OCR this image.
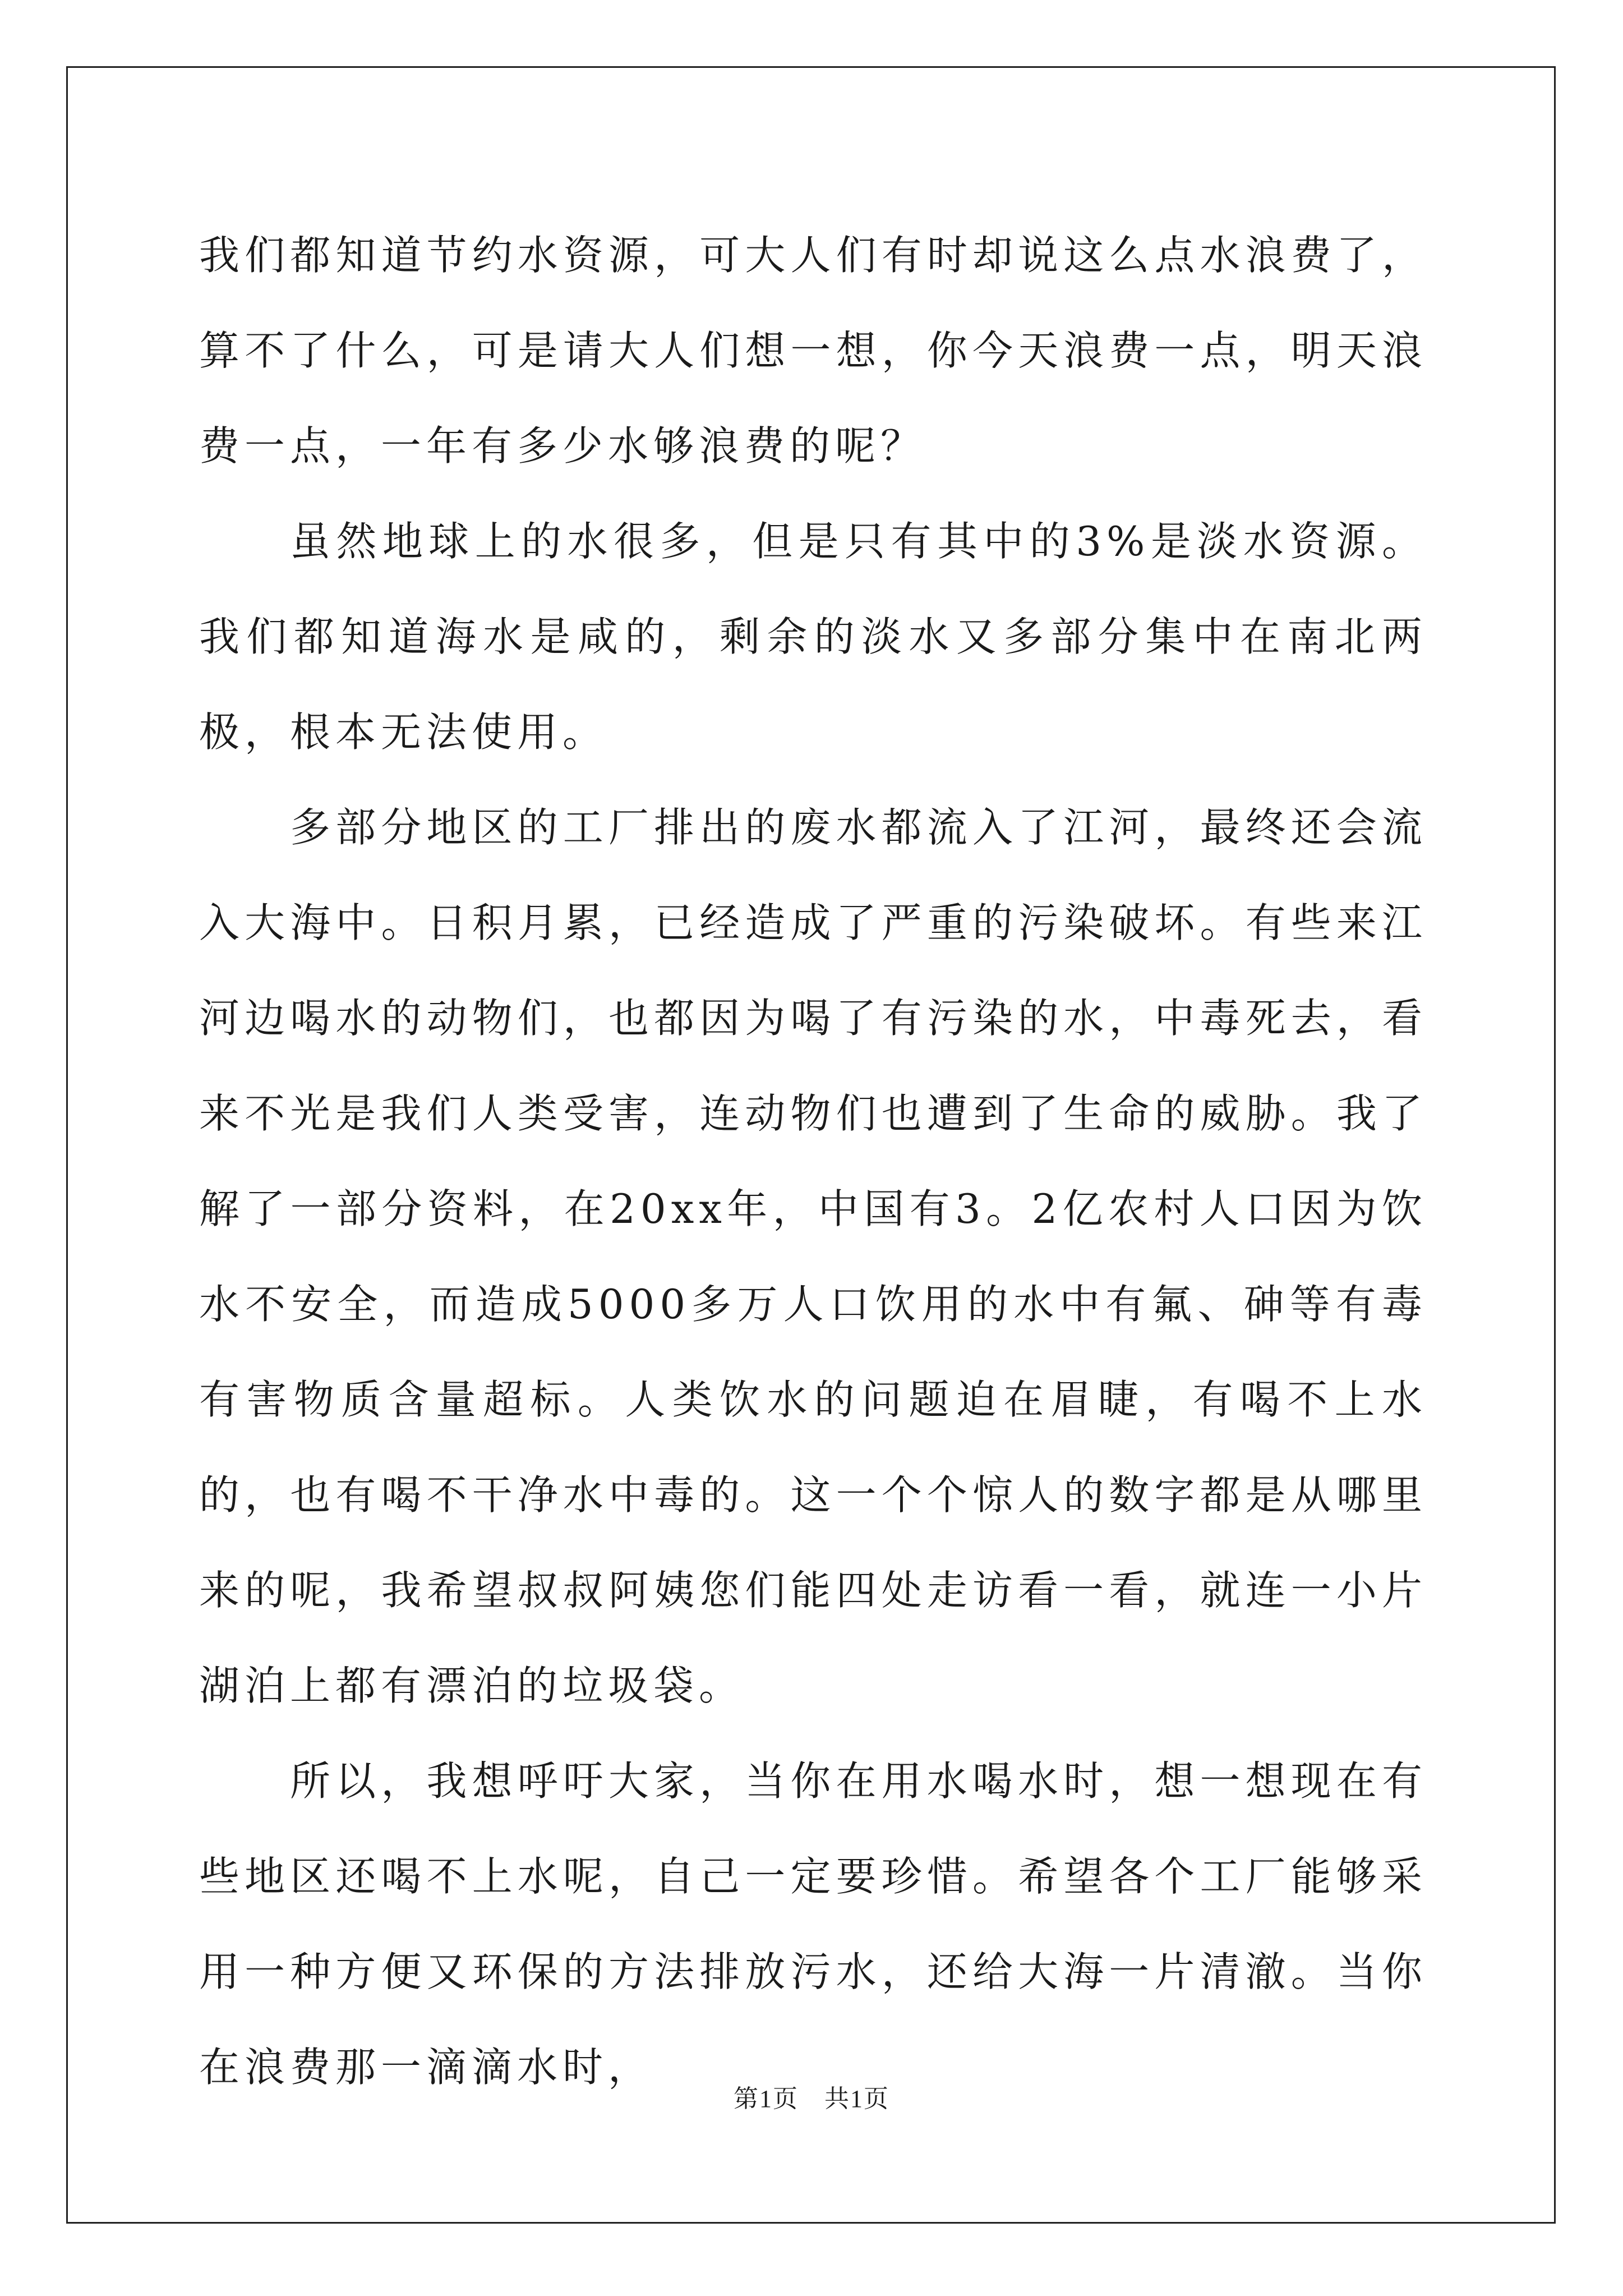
我们都知道节约水资源，可大人们有时却说这么点水浪费了，算不了什么，可是请大人们想一想，你今天浪费一点，明天浪费一点，一年有多少水够浪费的呢？

虽然地球上的水很多，但是只有其中的3%是淡水资源。我们都知道海水是咸的，剩余的淡水又多部分集中在南北两极，根本无法使用。

多部分地区的工厂排出的废水都流入了江河，最终还会流入大海中。日积月累，已经造成了严重的污染破坏。有些来江河边喝水的动物们，也都因为喝了有污染的水，中毒死去，看来不光是我们人类受害，连动物们也遭到了生命的威胁。我了解了一部分资料，在20xx年，中国有3。2亿农村人口因为饮水不安全，而造成5000多万人口饮用的水中有氟、砷等有毒有害物质含量超标。人类饮水的问题迫在眉睫，有喝不上水的，也有喝不干净水中毒的。这一个个惊人的数字都是从哪里来的呢，我希望叔叔阿姨您们能四处走访看一看，就连一小片湖泊上都有漂泊的垃圾袋。

所以，我想呼吁大家，当你在用水喝水时，想一想现在有些地区还喝不上水呢，自己一定要珍惜。希望各个工厂能够采用一种方便又环保的方法排放污水，还给大海一片清澈。当你在浪费那一滴滴水时，

第1页　共1页
